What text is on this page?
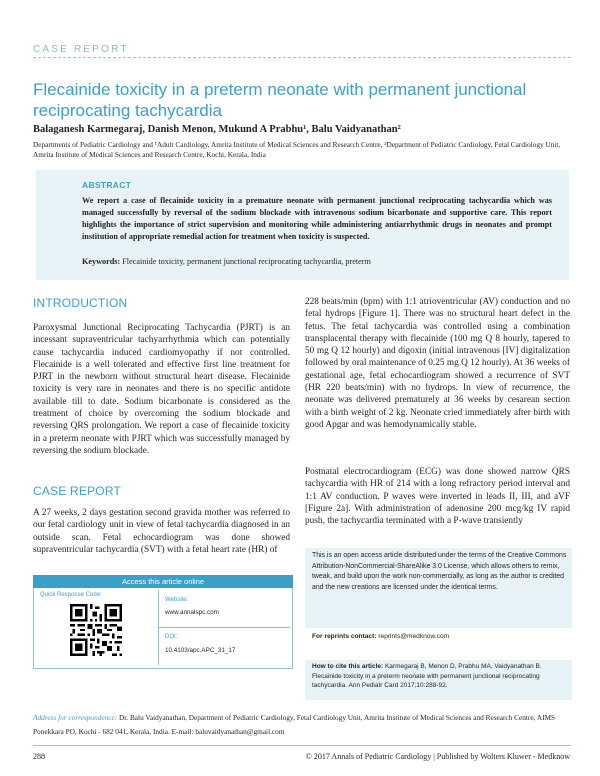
CASE REPORT
Flecainide toxicity in a preterm neonate with permanent junctional reciprocating tachycardia
Balaganesh Karmegaraj, Danish Menon, Mukund A Prabhu¹, Balu Vaidyanathan²
Departments of Pediatric Cardiology and ¹Adult Cardiology, Amrita Institute of Medical Sciences and Research Centre, ²Department of Pediatric Cardiology, Fetal Cardiology Unit, Amrita Institute of Medical Sciences and Research Centre, Kochi, Kerala, India
ABSTRACT
We report a case of flecainide toxicity in a premature neonate with permanent junctional reciprocating tachycardia which was managed successfully by reversal of the sodium blockade with intravenous sodium bicarbonate and supportive care. This report highlights the importance of strict supervision and monitoring while administering antiarrhythmic drugs in neonates and prompt institution of appropriate remedial action for treatment when toxicity is suspected.
Keywords: Flecainide toxicity, permanent junctional reciprocating tachycardia, preterm
INTRODUCTION

Paroxysmal Junctional Reciprocating Tachycardia (PJRT) is an incessant supraventricular tachyarrhythmia which can potentially cause tachycardia induced cardiomyopathy if not controlled. Flecainide is a well tolerated and effective first line treatment for PJRT in the newborn without structural heart disease. Flecainide toxicity is very rare in neonates and there is no specific antidote available till to date. Sodium bicarbonate is considered as the treatment of choice by overcoming the sodium blockade and reversing QRS prolongation. We report a case of flecainide toxicity in a preterm neonate with PJRT which was successfully managed by reversing the sodium blockade.

CASE REPORT

A 27 weeks, 2 days gestation second gravida mother was referred to our fetal cardiology unit in view of fetal tachycardia diagnosed in an outside scan. Fetal echocardiogram was done showed supraventricular tachycardia (SVT) with a fetal heart rate (HR) of

228 beats/min (bpm) with 1:1 atrioventricular (AV) conduction and no fetal hydrops [Figure 1]. There was no structural heart defect in the fetus. The fetal tachycardia was controlled using a combination transplacental therapy with flecainide (100 mg Q 8 hourly, tapered to 50 mg Q 12 hourly) and digoxin (initial intravenous [IV] digitalization followed by oral maintenance of 0.25 mg Q 12 hourly). At 36 weeks of gestational age, fetal echocardiogram showed a recurrence of SVT (HR 220 beats/min) with no hydrops. In view of recurrence, the neonate was delivered prematurely at 36 weeks by cesarean section with a birth weight of 2 kg. Neonate cried immediately after birth with good Apgar and was hemodynamically stable.

Postnatal electrocardiogram (ECG) was done showed narrow QRS tachycardia with HR of 214 with a long refractory period interval and 1:1 AV conduction. P waves were inverted in leads II, III, and aVF [Figure 2a]. With administration of adenosine 200 mcg/kg IV rapid push, the tachycardia terminated with a P-wave transiently

Access this article online
Quick Response Code:
Website:
www.annalspc.com
DOI:
10.4103/apc.APC_31_17
This is an open access article distributed under the terms of the Creative Commons Attribution-NonCommercial-ShareAlike 3.0 License, which allows others to remix, tweak, and build upon the work non-commercially, as long as the author is credited and the new creations are licensed under the identical terms.
For reprints contact: reprints@medknow.com
How to cite this article: Karmegaraj B, Menon D, Prabhu MA, Vaidyanathan B. Flecainide toxicity in a preterm neonate with permanent junctional reciprocating tachycardia. Ann Pediatr Card 2017;10:288-92.
Address for correspondence: Dr. Balu Vaidyanathan, Department of Pediatric Cardiology, Fetal Cardiology Unit, Amrita Institute of Medical Sciences and Research Centre, AIMS Ponekkara PO, Kochi - 682 041, Kerala, India. E-mail: baluvaidyanathan@gmail.com
288	© 2017 Annals of Pediatric Cardiology | Published by Wolters Kluwer - Medknow
